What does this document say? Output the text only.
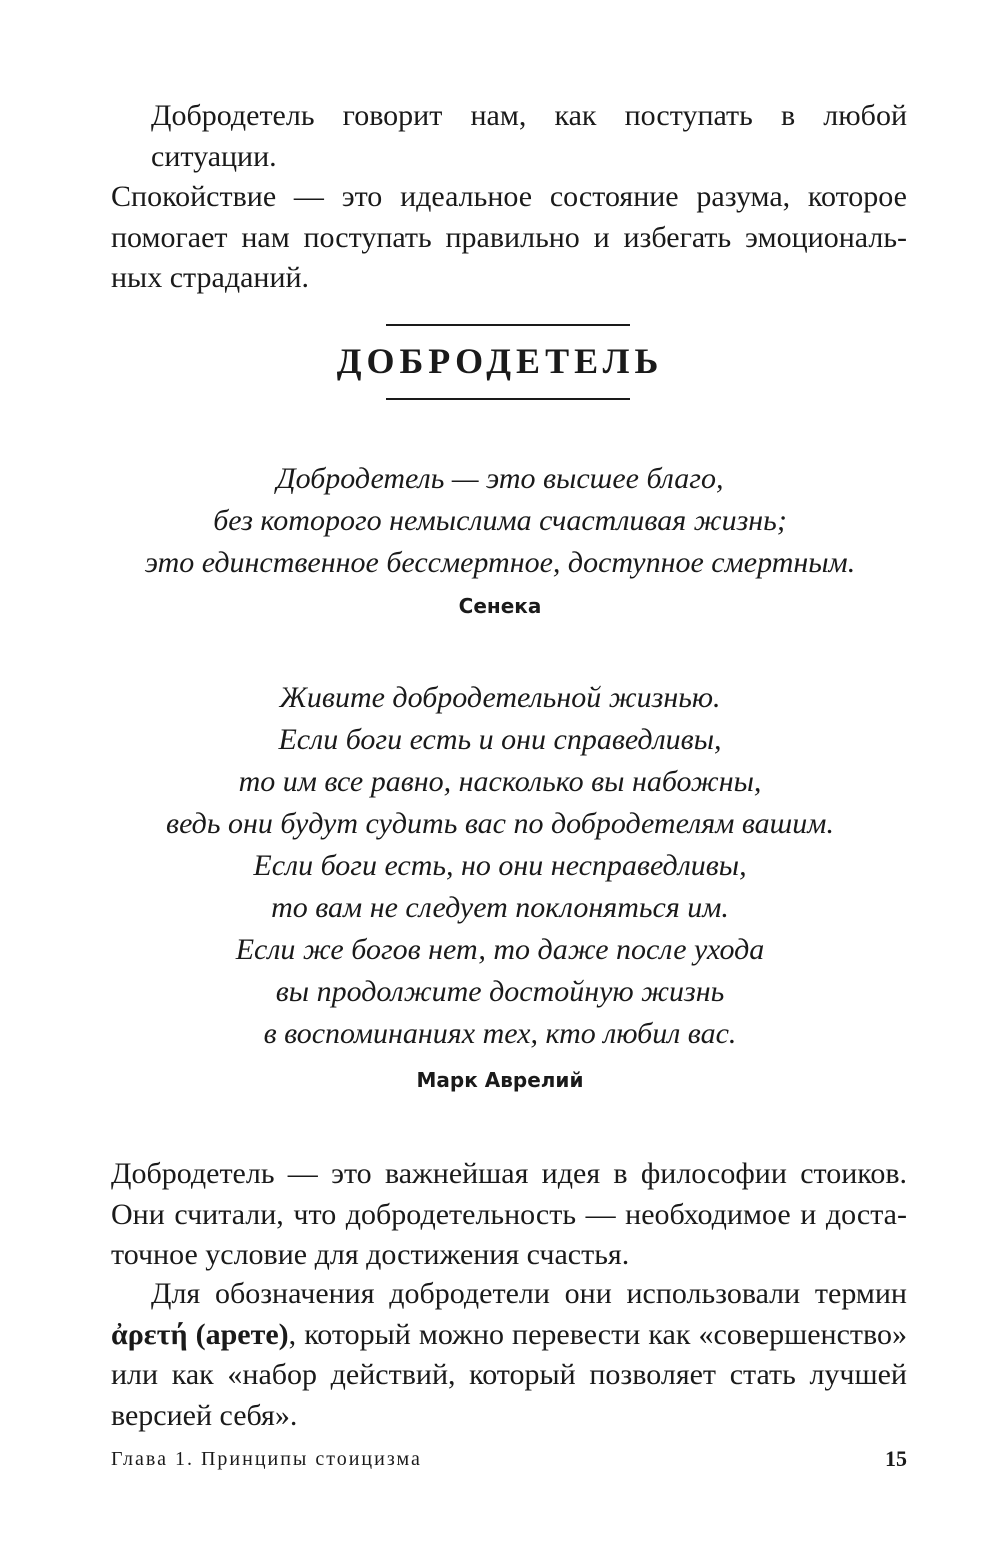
Добродетель говорит нам, как поступать в любой ситуации.
Спокойствие — это идеальное состояние разума, которое
помогает нам поступать правильно и избегать эмоциональ-
ных страданий.

ДОБРОДЕТЕЛЬ

Добродетель — это высшее благо,
без которого немыслима счастливая жизнь;
это единственное бессмертное, доступное смертным.

Сенека

Живите добродетельной жизнью.
Если боги есть и они справедливы,
то им все равно, насколько вы набожны,
ведь они будут судить вас по добродетелям вашим.
Если боги есть, но они несправедливы,
то вам не следует поклоняться им.
Если же богов нет, то даже после ухода
вы продолжите достойную жизнь
в воспоминаниях тех, кто любил вас.

Марк Аврелий

Добродетель — это важнейшая идея в философии стоиков.
Они считали, что добродетельность — необходимое и доста-
точное условие для достижения счастья.

Для обозначения добродетели они использовали термин
ἀρετή (арете), который можно перевести как «совершенство»
или как «набор действий, который позволяет стать лучшей
версией себя».

Глава 1. Принципы стоицизма	15
